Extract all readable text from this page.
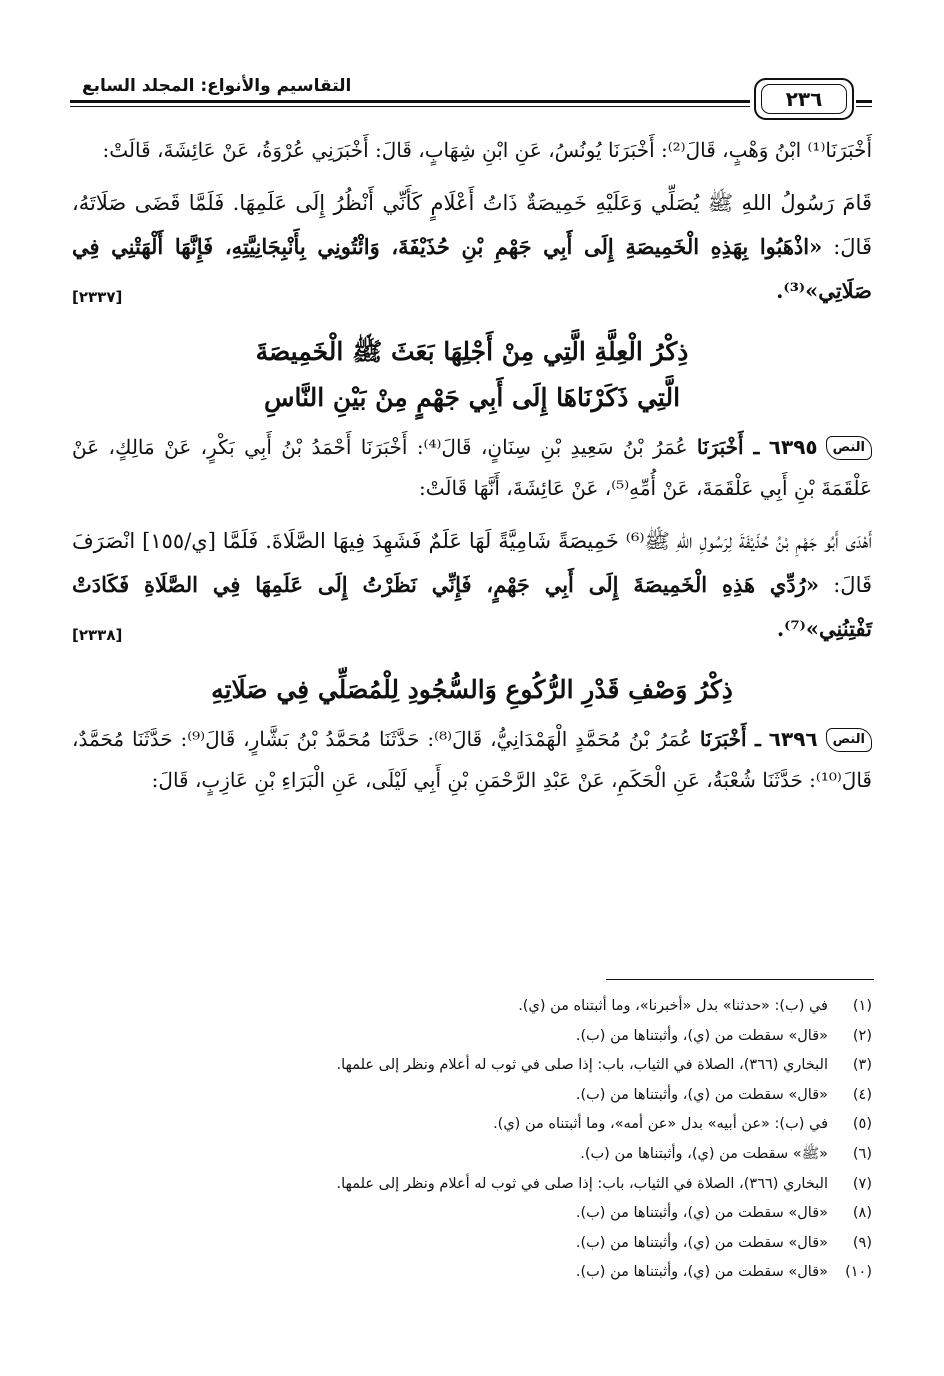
التقاسيم والأنواع: المجلد السابع
٢٣٦

أَخْبَرَنَا⁽¹⁾ ابْنُ وَهْبٍ، قَالَ⁽²⁾: أَخْبَرَنَا يُونُسُ، عَنِ ابْنِ شِهَابٍ، قَالَ: أَخْبَرَنِي عُرْوَةُ، عَنْ عَائِشَةَ، قَالَتْ:

قَامَ رَسُولُ اللهِ ﷺ يُصَلِّي وَعَلَيْهِ خَمِيصَةٌ ذَاتُ أَعْلَامٍ كَأَنِّي أَنْظُرُ إِلَى عَلَمِهَا. فَلَمَّا قَضَى صَلَاتَهُ، قَالَ: «اذْهَبُوا بِهَذِهِ الْخَمِيصَةِ إِلَى أَبِي جَهْمِ بْنِ حُذَيْفَةَ، وَائْتُونِي بِأَنْبِجَانِيَّتِهِ، فَإِنَّهَا أَلْهَتْنِي فِي صَلَاتِي»⁽³⁾.
[٢٣٣٧]

ذِكْرُ الْعِلَّةِ الَّتِي مِنْ أَجْلِهَا بَعَثَ ﷺ الْخَمِيصَةَ
الَّتِي ذَكَرْنَاهَا إِلَى أَبِي جَهْمٍ مِنْ بَيْنِ النَّاسِ

النص٦٣٩٥ ـ أَخْبَرَنَا عُمَرُ بْنُ سَعِيدِ بْنِ سِنَانٍ، قَالَ⁽⁴⁾: أَخْبَرَنَا أَحْمَدُ بْنُ أَبِي بَكْرٍ، عَنْ مَالِكٍ، عَنْ عَلْقَمَةَ بْنِ أَبِي عَلْقَمَةَ، عَنْ أُمِّهِ⁽⁵⁾، عَنْ عَائِشَةَ، أَنَّهَا قَالَتْ:

أَهْدَى أَبُو جَهْمِ بْنُ حُذَيْفَةَ لِرَسُولِ اللهِ ﷺ⁽⁶⁾ خَمِيصَةً شَامِيَّةً لَهَا عَلَمٌ فَشَهِدَ فِيهَا الصَّلَاةَ. فَلَمَّا [ي/١٥٥] انْصَرَفَ قَالَ: «رُدِّي هَذِهِ الْخَمِيصَةَ إِلَى أَبِي جَهْمٍ، فَإِنِّي نَظَرْتُ إِلَى عَلَمِهَا فِي الصَّلَاةِ فَكَادَتْ تَفْتِنُنِي»⁽⁷⁾.
[٢٣٣٨]

ذِكْرُ وَصْفِ قَدْرِ الرُّكُوعِ وَالسُّجُودِ لِلْمُصَلِّي فِي صَلَاتِهِ

النص٦٣٩٦ ـ أَخْبَرَنَا عُمَرُ بْنُ مُحَمَّدٍ الْهَمْدَانِيُّ، قَالَ⁽⁸⁾: حَدَّثَنَا مُحَمَّدُ بْنُ بَشَّارٍ، قَالَ⁽⁹⁾: حَدَّثَنَا مُحَمَّدٌ، قَالَ⁽¹⁰⁾: حَدَّثَنَا شُعْبَةُ، عَنِ الْحَكَمِ، عَنْ عَبْدِ الرَّحْمَنِ بْنِ أَبِي لَيْلَى، عَنِ الْبَرَاءِ بْنِ عَازِبٍ، قَالَ:

(١)في (ب): «حدثنا» بدل «أخبرنا»، وما أثبتناه من (ي).
(٢)«قال» سقطت من (ي)، وأثبتناها من (ب).
(٣)البخاري (٣٦٦)، الصلاة في الثياب، باب: إذا صلى في ثوب له أعلام ونظر إلى علمها.
(٤)«قال» سقطت من (ي)، وأثبتناها من (ب).
(٥)في (ب): «عن أبيه» بدل «عن أمه»، وما أثبتناه من (ي).
(٦)«ﷺ» سقطت من (ي)، وأثبتناها من (ب).
(٧)البخاري (٣٦٦)، الصلاة في الثياب، باب: إذا صلى في ثوب له أعلام ونظر إلى علمها.
(٨)«قال» سقطت من (ي)، وأثبتناها من (ب).
(٩)«قال» سقطت من (ي)، وأثبتناها من (ب).
(١٠)«قال» سقطت من (ي)، وأثبتناها من (ب).
